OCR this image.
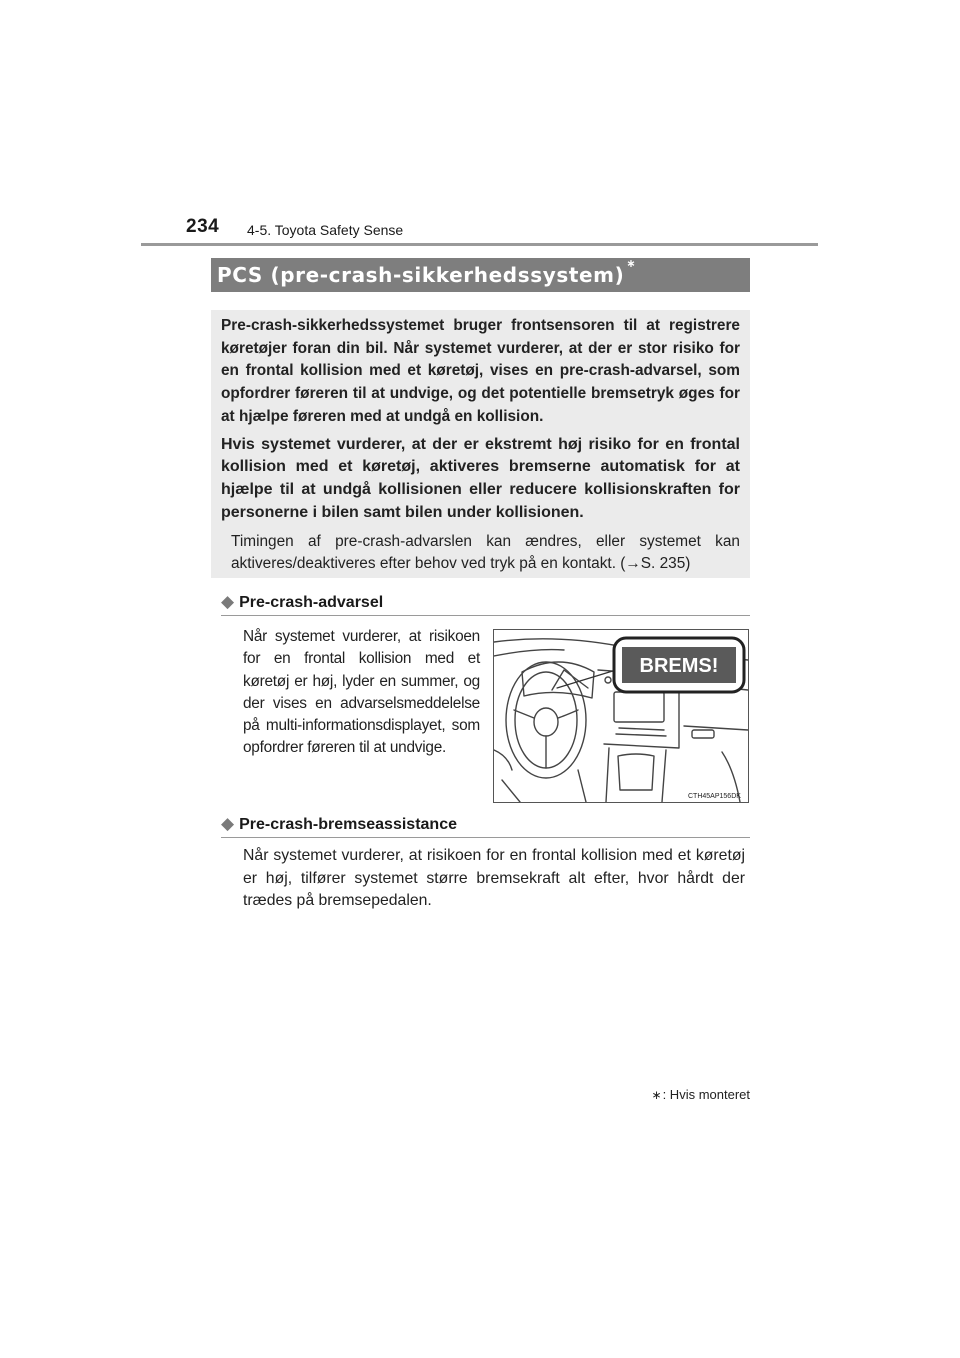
234 4-5. Toyota Safety Sense
PCS (pre-crash-sikkerhedssystem) ∗

Pre-crash-sikkerhedssystemet bruger frontsensoren til at registrere køretøjer foran din bil. Når systemet vurderer, at der er stor risiko for en frontal kollision med et køretøj, vises en pre-crash-advarsel, som opfordrer føreren til at undvige, og det potentielle bremsetryk øges for at hjælpe føreren med at undgå en kollision.

Hvis systemet vurderer, at der er ekstremt høj risiko for en frontal kollision med et køretøj, aktiveres bremserne automatisk for at hjælpe til at undgå kollisionen eller reducere kollisionskraften for personerne i bilen samt bilen under kollisionen.

Timingen af pre-crash-advarslen kan ændres, eller systemet kan aktiveres/deaktiveres efter behov ved tryk på en kontakt. (→S. 235)

◆ Pre-crash-advarsel

Når systemet vurderer, at risikoen for en frontal kollision med et køretøj er høj, lyder en summer, og der vises en advarselsmeddelelse på multi-informationsdisplayet, som opfordrer føreren til at undvige.

BREMS!
CTH45AP156DK
◆ Pre-crash-bremseassistance

Når systemet vurderer, at risikoen for en frontal kollision med et køretøj er høj, tilfører systemet større bremsekraft alt efter, hvor hårdt der trædes på bremsepedalen.

∗: Hvis monteret
